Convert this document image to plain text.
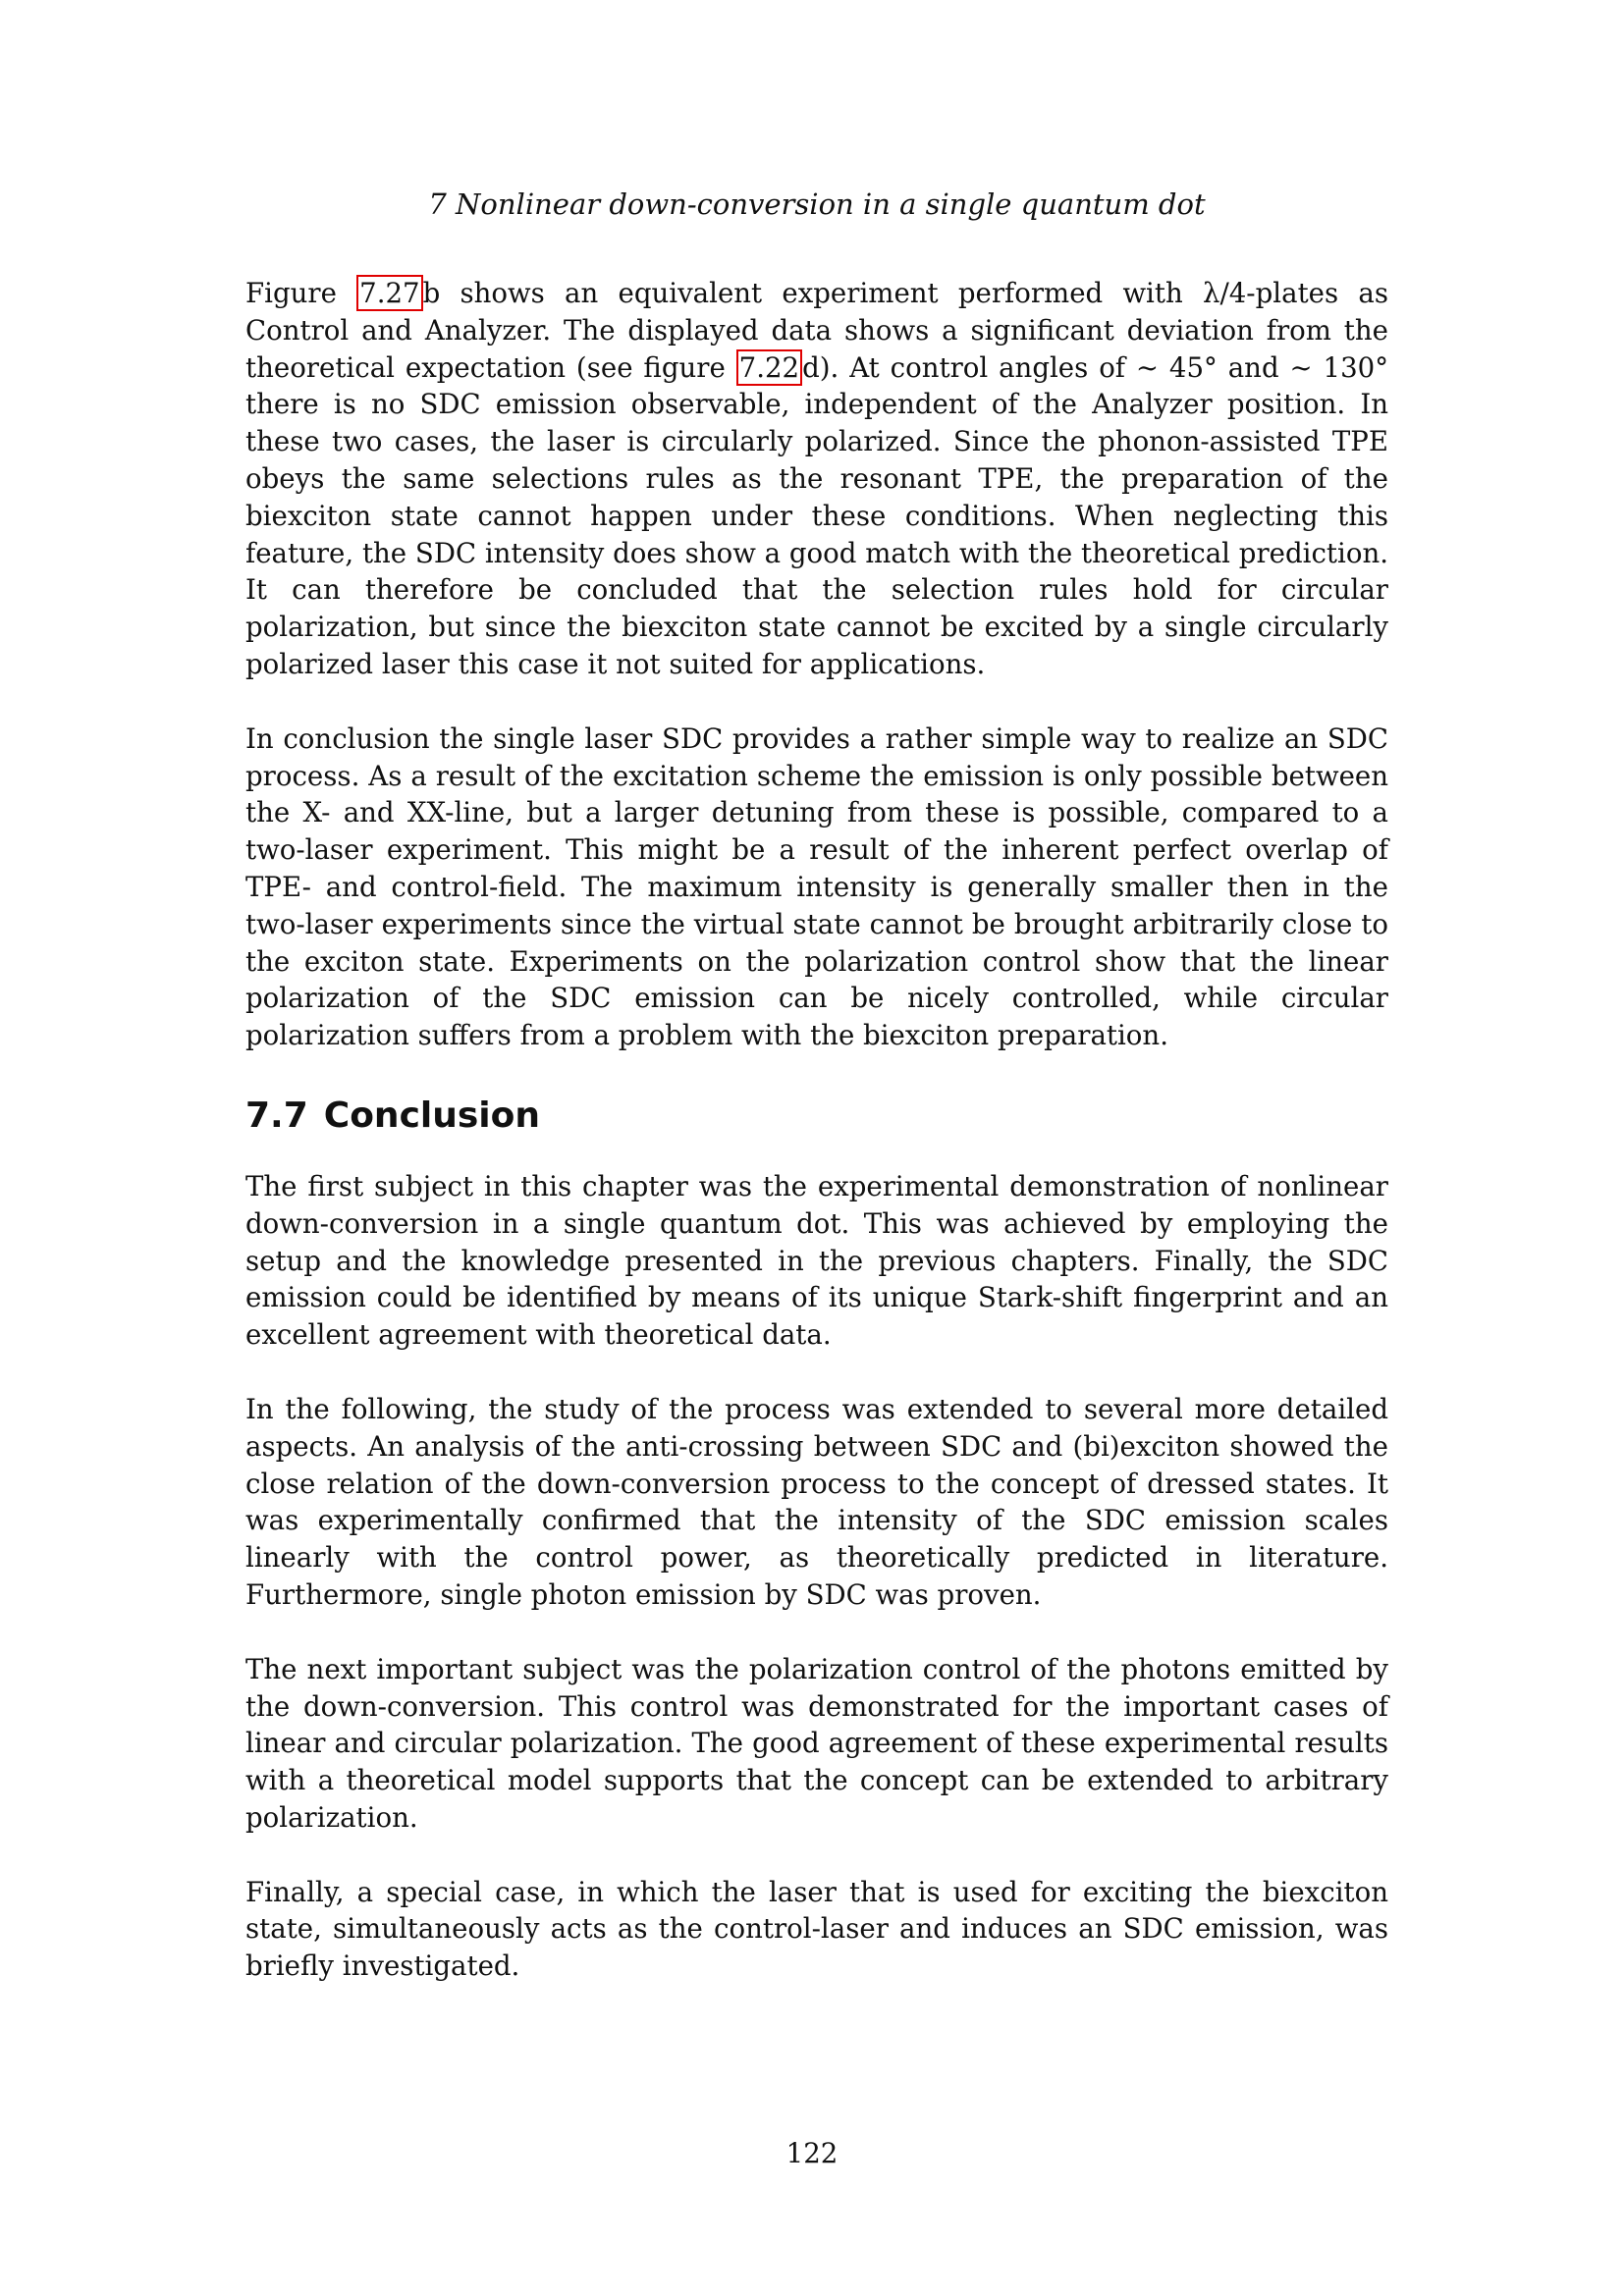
7 Nonlinear down-conversion in a single quantum dot

Figure 7.27 b shows an equivalent experiment performed with λ/4-plates as Control and Analyzer. The displayed data shows a significant deviation from the theoretical expectation (see figure 7.22 d). At control angles of ∼ 45° and ∼ 130° there is no SDC emission observable, independent of the Analyzer position. In these two cases, the laser is circularly polarized. Since the phonon-assisted TPE obeys the same selections rules as the resonant TPE, the preparation of the biexciton state cannot happen under these conditions. When neglecting this feature, the SDC intensity does show a good match with the theoretical prediction. It can therefore be concluded that the selection rules hold for circular polarization, but since the biexciton state cannot be excited by a single circularly polarized laser this case it not suited for applications.

In conclusion the single laser SDC provides a rather simple way to realize an SDC process. As a result of the excitation scheme the emission is only possible between the X- and XX-line, but a larger detuning from these is possible, compared to a two-laser experiment. This might be a result of the inherent perfect overlap of TPE- and control-field. The maximum intensity is generally smaller then in the two-laser experiments since the virtual state cannot be brought arbitrarily close to the exciton state. Experiments on the polarization control show that the linear polarization of the SDC emission can be nicely controlled, while circular polarization suffers from a problem with the biexciton preparation.

7.7 Conclusion

The first subject in this chapter was the experimental demonstration of nonlinear down-conversion in a single quantum dot. This was achieved by employing the setup and the knowledge presented in the previous chapters. Finally, the SDC emission could be identified by means of its unique Stark-shift fingerprint and an excellent agreement with theoretical data.

In the following, the study of the process was extended to several more detailed aspects. An analysis of the anti-crossing between SDC and (bi)exciton showed the close relation of the down-conversion process to the concept of dressed states. It was experimentally confirmed that the intensity of the SDC emission scales linearly with the control power, as theoretically predicted in literature. Furthermore, single photon emission by SDC was proven.

The next important subject was the polarization control of the photons emitted by the down-conversion. This control was demonstrated for the important cases of linear and circular polarization. The good agreement of these experimental results with a theoretical model supports that the concept can be extended to arbitrary polarization.

Finally, a special case, in which the laser that is used for exciting the biexciton state, simultaneously acts as the control-laser and induces an SDC emission, was briefly investigated.

122
